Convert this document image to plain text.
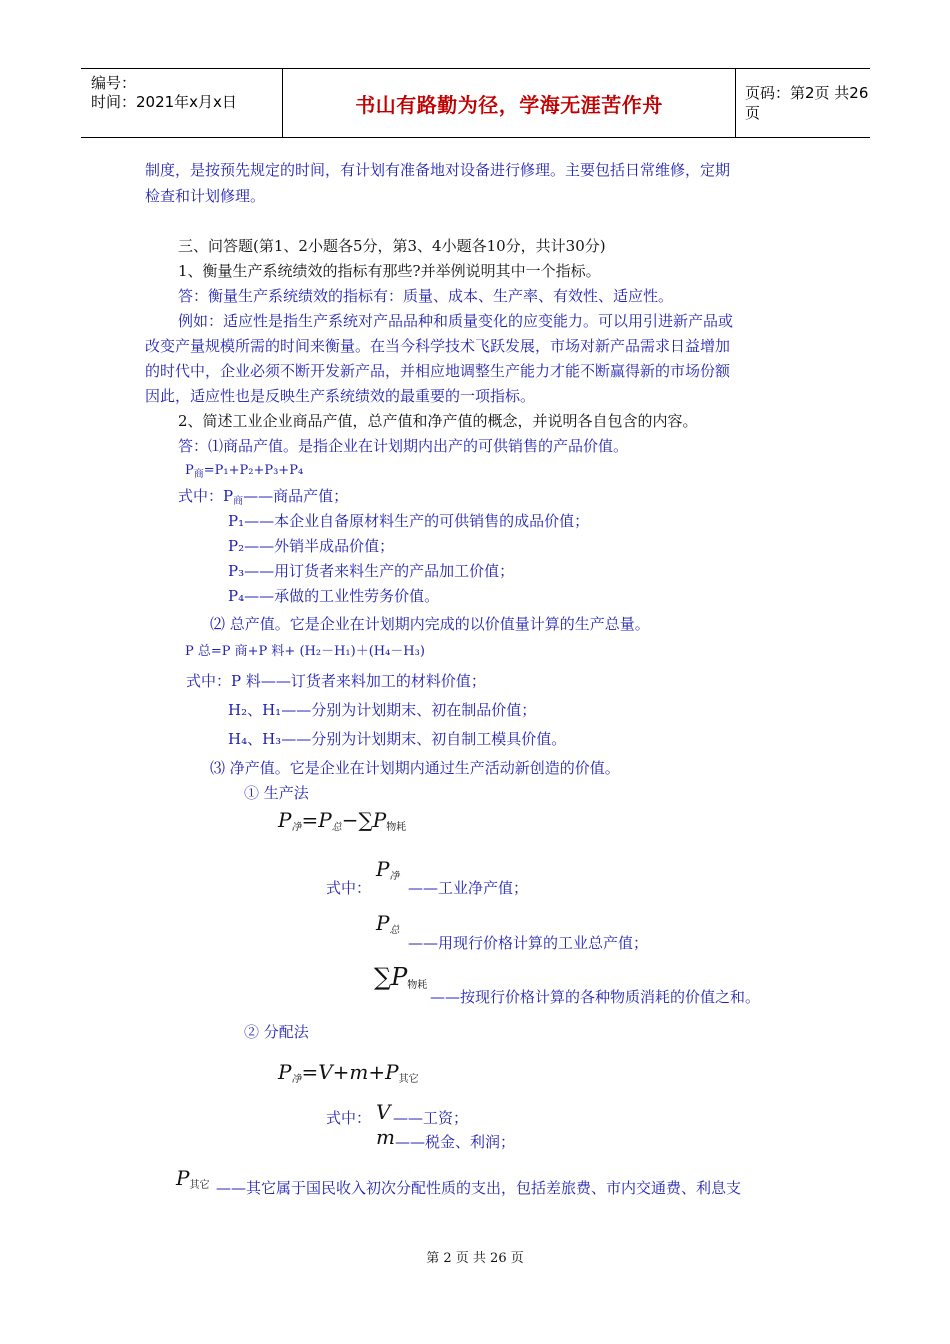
编号：
时间：2021年x月x日	书山有路勤为径，学海无涯苦作舟	页码：第2页 共26页
制度，是按预先规定的时间，有计划有准备地对设备进行修理。主要包括日常维修，定期
检查和计划修理。
三、问答题(第1、2小题各5分，第3、4小题各10分，共计30分)
1、衡量生产系统绩效的指标有那些?并举例说明其中一个指标。
答：衡量生产系统绩效的指标有：质量、成本、生产率、有效性、适应性。
例如：适应性是指生产系统对产品品种和质量变化的应变能力。可以用引进新产品或
改变产量规模所需的时间来衡量。在当今科学技术飞跃发展，市场对新产品需求日益增加
的时代中，企业必须不断开发新产品，并相应地调整生产能力才能不断赢得新的市场份额
因此，适应性也是反映生产系统绩效的最重要的一项指标。
2、简述工业企业商品产值，总产值和净产值的概念，并说明各自包含的内容。
答：⑴商品产值。是指企业在计划期内出产的可供销售的产品价值。
$P_商=P_1+P_2+P_3+P_4$
式中：$P_商——$商品产值；
P₁——本企业自备原材料生产的可供销售的成品价值；
P₂——外销半成品价值；
P₃——用订货者来料生产的产品加工价值；
P₄——承做的工业性劳务价值。
⑵ 总产值。它是企业在计划期内完成的以价值量计算的生产总量。
P 总=P 商+P 料+ (H₂－H₁)＋(H₄－H₃)
式中：P 料——订货者来料加工的材料价值；
H₂、H₁——分别为计划期末、初在制品价值；
H₄、H₃——分别为计划期末、初自制工模具价值。
⑶ 净产值。它是企业在计划期内通过生产活动新创造的价值。
① 生产法
$P_净=P_总-\sum P_{物耗}$
式中：
$P_净$
——工业净产值；
$P_总$
——用现行价格计算的工业总产值；
$\sum P_{物耗}$
——按现行价格计算的各种物质消耗的价值之和。
② 分配法
$P_净=V+m+P_{其它}$
式中： V ——工资；
m ——税金、利润；
$P_{其它}$ ——其它属于国民收入初次分配性质的支出，包括差旅费、市内交通费、利息支
第 2 页 共 26 页
